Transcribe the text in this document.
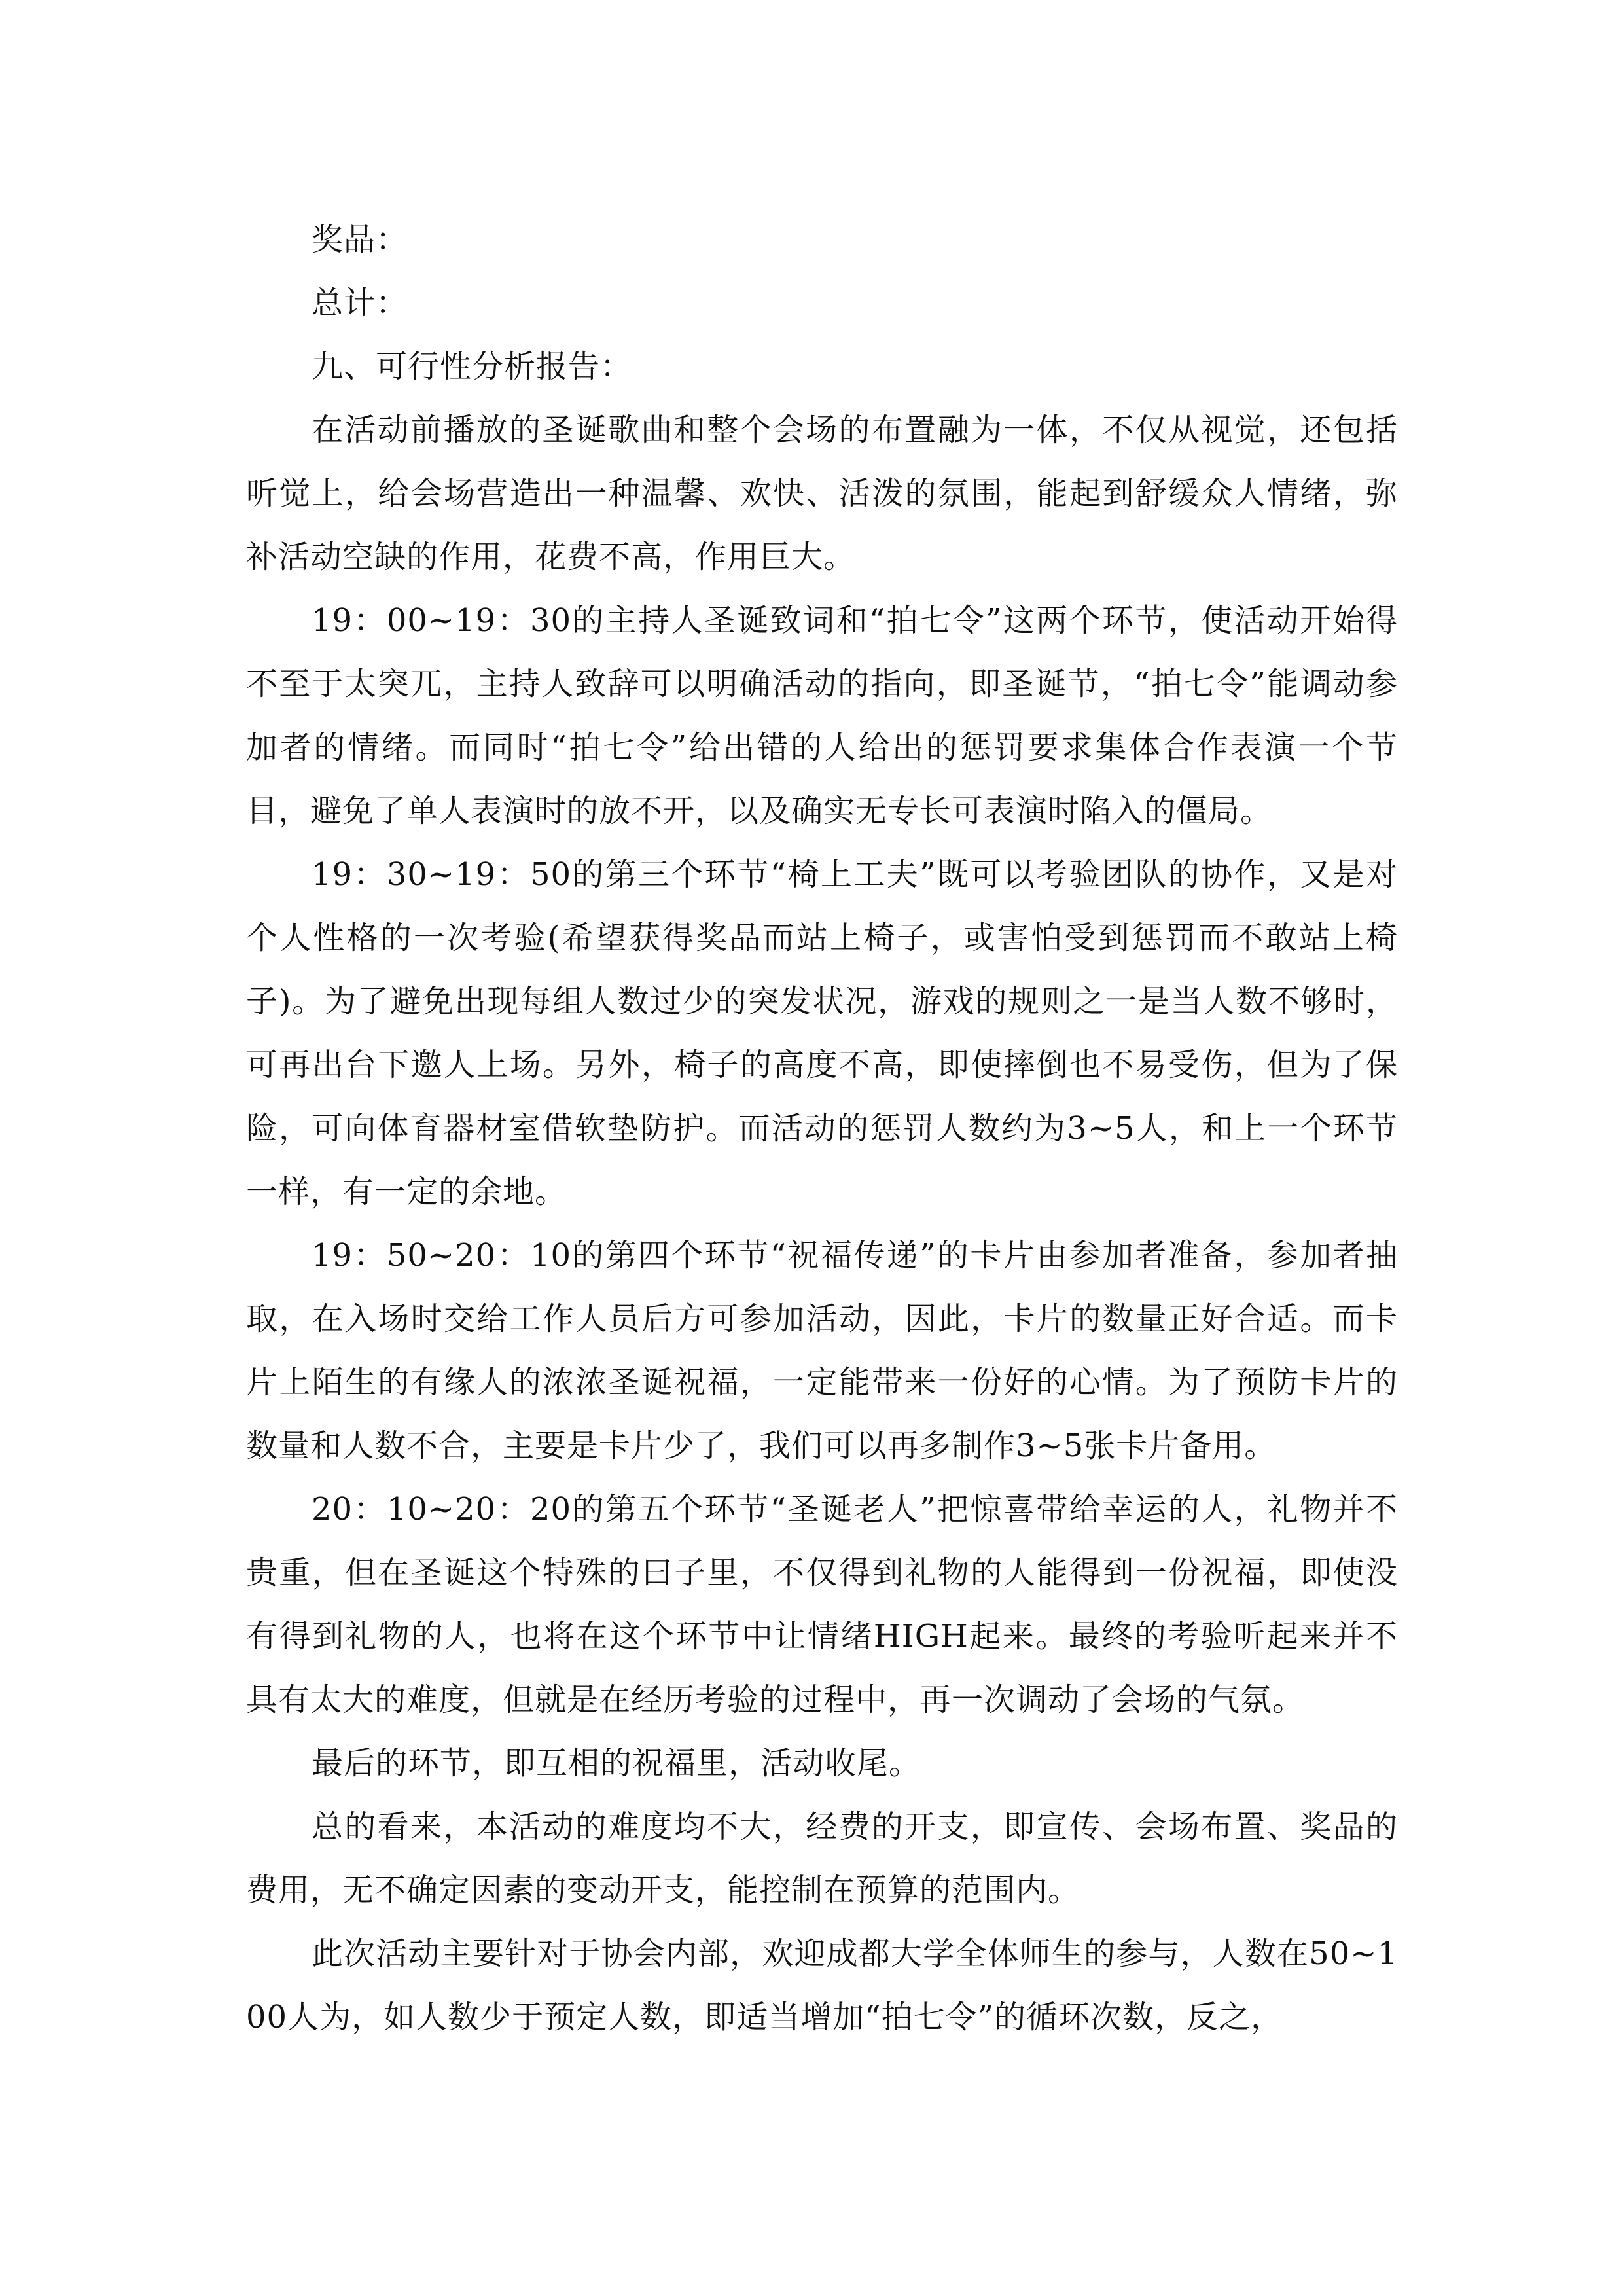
奖品：

总计：

九、可行性分析报告：

在活动前播放的圣诞歌曲和整个会场的布置融为一体，不仅从视觉，还包括听觉上，给会场营造出一种温馨、欢快、活泼的氛围，能起到舒缓众人情绪，弥补活动空缺的作用，花费不高，作用巨大。

19：00~19：30的主持人圣诞致词和“拍七令”这两个环节，使活动开始得不至于太突兀，主持人致辞可以明确活动的指向，即圣诞节，“拍七令”能调动参加者的情绪。而同时“拍七令”给出错的人给出的惩罚要求集体合作表演一个节目，避免了单人表演时的放不开，以及确实无专长可表演时陷入的僵局。

19：30~19：50的第三个环节“椅上工夫”既可以考验团队的协作，又是对个人性格的一次考验(希望获得奖品而站上椅子，或害怕受到惩罚而不敢站上椅子)。为了避免出现每组人数过少的突发状况，游戏的规则之一是当人数不够时，可再出台下邀人上场。另外，椅子的高度不高，即使摔倒也不易受伤，但为了保险，可向体育器材室借软垫防护。而活动的惩罚人数约为3~5人，和上一个环节一样，有一定的余地。

19：50~20：10的第四个环节“祝福传递”的卡片由参加者准备，参加者抽取，在入场时交给工作人员后方可参加活动，因此，卡片的数量正好合适。而卡片上陌生的有缘人的浓浓圣诞祝福，一定能带来一份好的心情。为了预防卡片的数量和人数不合，主要是卡片少了，我们可以再多制作3~5张卡片备用。

20：10~20：20的第五个环节“圣诞老人”把惊喜带给幸运的人，礼物并不贵重，但在圣诞这个特殊的曰子里，不仅得到礼物的人能得到一份祝福，即使没有得到礼物的人，也将在这个环节中让情绪HIGH起来。最终的考验听起来并不具有太大的难度，但就是在经历考验的过程中，再一次调动了会场的气氛。

最后的环节，即互相的祝福里，活动收尾。

总的看来，本活动的难度均不大，经费的开支，即宣传、会场布置、奖品的费用，无不确定因素的变动开支，能控制在预算的范围内。

此次活动主要针对于协会内部，欢迎成都大学全体师生的参与，人数在50~100人为，如人数少于预定人数，即适当增加“拍七令”的循环次数，反之，
